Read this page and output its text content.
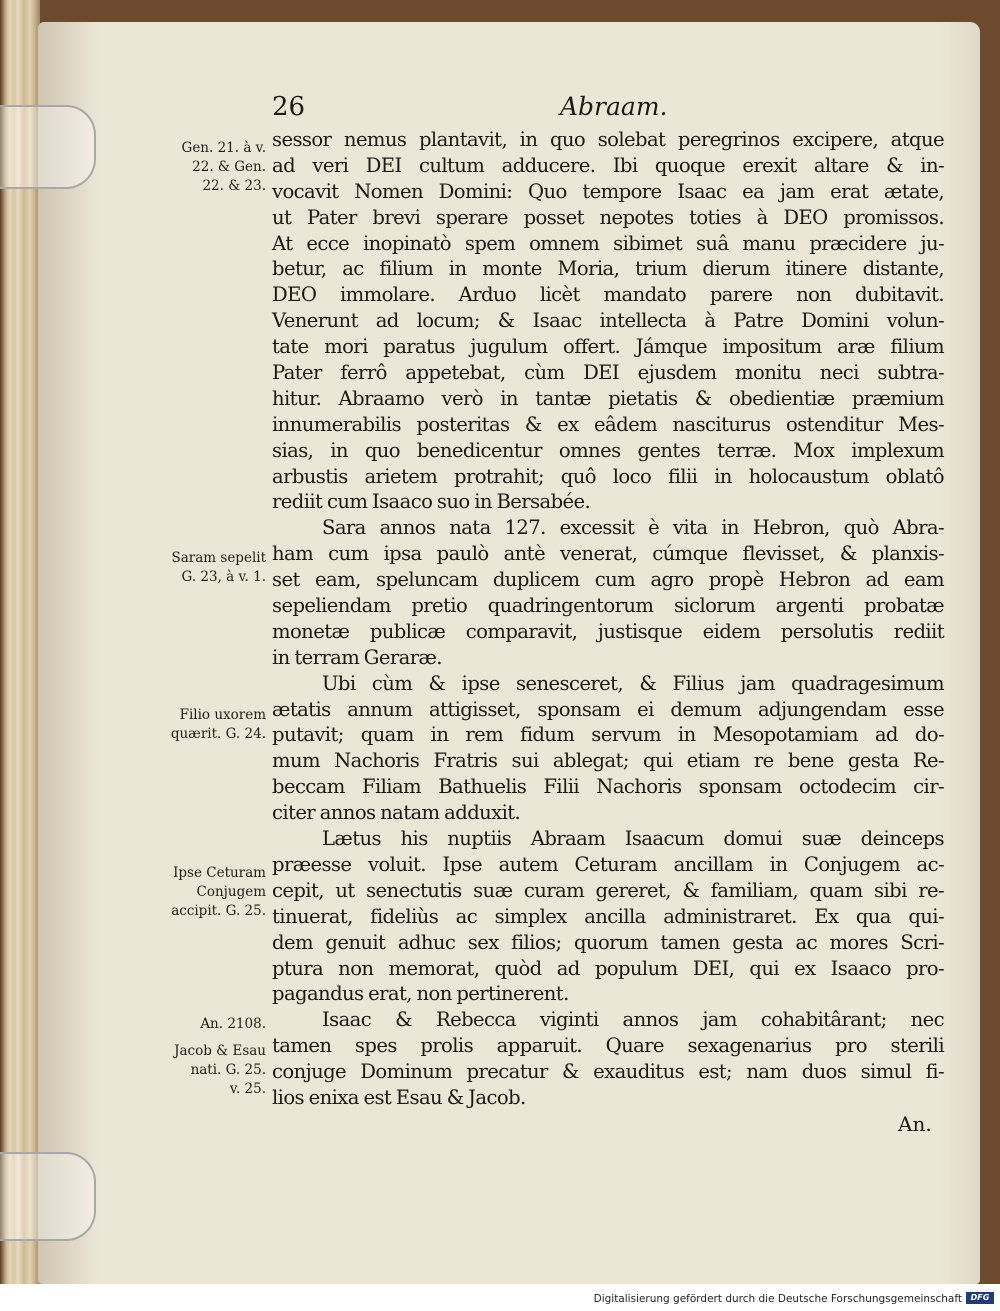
26	Abraam.
Gen. 21. à v.
22. & Gen.
22. & 23.
Saram sepelit
G. 23, à v. 1.
Filio uxorem
quærit. G. 24.
Ipse Ceturam
Conjugem
accipit. G. 25.
An. 2108.
Jacob & Esau
nati. G. 25.
v. 25.
sessor nemus plantavit, in quo solebat peregrinos excipere, atque
ad veri DEI cultum adducere. Ibi quoque erexit altare & in-
vocavit Nomen Domini: Quo tempore Isaac ea jam erat ætate,
ut Pater brevi sperare posset nepotes toties à DEO promissos.
At ecce inopinatò spem omnem sibimet suâ manu præcidere ju-
betur, ac filium in monte Moria, trium dierum itinere distante,
DEO immolare. Arduo licèt mandato parere non dubitavit.
Venerunt ad locum; & Isaac intellecta à Patre Domini volun-
tate mori paratus jugulum offert. Jámque impositum aræ filium
Pater ferrô appetebat, cùm DEI ejusdem monitu neci subtra-
hitur. Abraamo verò in tantæ pietatis & obedientiæ præmium
innumerabilis posteritas & ex eâdem nasciturus ostenditur Mes-
sias, in quo benedicentur omnes gentes terræ. Mox implexum
arbustis arietem protrahit; quô loco filii in holocaustum oblatô
rediit cum Isaaco suo in Bersabée.
Sara annos nata 127. excessit è vita in Hebron, quò Abra-
ham cum ipsa paulò antè venerat, cúmque flevisset, & planxis-
set eam, speluncam duplicem cum agro propè Hebron ad eam
sepeliendam pretio quadringentorum siclorum argenti probatæ
monetæ publicæ comparavit, justisque eidem persolutis rediit
in terram Geraræ.
Ubi cùm & ipse senesceret, & Filius jam quadragesimum
ætatis annum attigisset, sponsam ei demum adjungendam esse
putavit; quam in rem fidum servum in Mesopotamiam ad do-
mum Nachoris Fratris sui ablegat; qui etiam re bene gesta Re-
beccam Filiam Bathuelis Filii Nachoris sponsam octodecim cir-
citer annos natam adduxit.
Lætus his nuptiis Abraam Isaacum domui suæ deinceps
præesse voluit. Ipse autem Ceturam ancillam in Conjugem ac-
cepit, ut senectutis suæ curam gereret, & familiam, quam sibi re-
tinuerat, fideliùs ac simplex ancilla administraret. Ex qua qui-
dem genuit adhuc sex filios; quorum tamen gesta ac mores Scri-
ptura non memorat, quòd ad populum DEI, qui ex Isaaco pro-
pagandus erat, non pertinerent.
Isaac & Rebecca viginti annos jam cohabitârant; nec
tamen spes prolis apparuit. Quare sexagenarius pro sterili
conjuge Dominum precatur & exauditus est; nam duos simul fi-
lios enixa est Esau & Jacob.
An.
Digitalisierung gefördert durch die Deutsche Forschungsgemeinschaft	DFG
